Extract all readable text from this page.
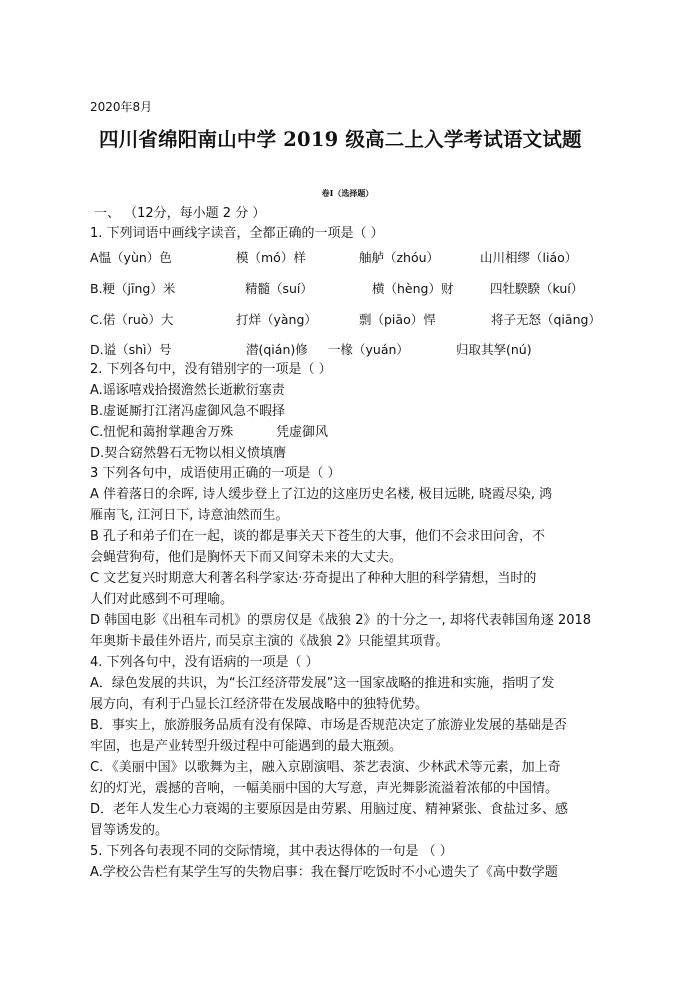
2020年8月
四川省绵阳南山中学 2019 级高二上入学考试语文试题
卷Ⅰ（选择题）
一、 （12分，每小题 2 分 ）
1. 下列词语中画线字读音，全都正确的一项是（ ）
A愠（yùn）色	模（mó）样	舳舻（zhóu）	山川相缪（liáo）
B.粳（jīng）米	精髓（suí）	横（hèng）财	四牡騤騤（kuí）
C.偌（ruò）大	打烊（yàng）	剽（piāo）悍	将子无怒（qiāng）
D.谥（shì）号	潜(qián)修 一椽（yuán）	归取其孥(nú)
2. 下列各句中，没有错别字的一项是（ ）
A.谣诼嘻戏拾掇澹然长逝歉衍塞责
B.虚诞厮打江渚冯虚御风急不暇择
C.忸怩和蔼拊掌趣舍万殊	凭虚御风
D.契合窈然磐石无物以相义愤填膺
3 下列各句中，成语使用正确的一项是（ ）
A 伴着落日的余晖, 诗人缓步登上了江边的这座历史名楼, 极目远眺, 晓霞尽染, 鸿
雁南飞, 江河日下, 诗意油然而生。
B 孔子和弟子们在一起，谈的都是事关天下苍生的大事，他们不会求田问舍，不
会蝇营狗苟，他们是胸怀天下而又间穿未来的大丈夫。
C 文艺复兴时期意大利著名科学家达·芬奇提出了种种大胆的科学猜想，当时的
人们对此感到不可理喻。
D 韩国电影《出租车司机》的票房仅是《战狼 2》的十分之一, 却将代表韩国角逐 2018
年奥斯卡最佳外语片, 而吴京主演的《战狼 2》只能望其项背。
4. 下列各句中，没有语病的一项是（ ）
A．绿色发展的共识，为“长江经济带发展”这一国家战略的推进和实施，指明了发
展方向，有利于凸显长江经济带在发展战略中的独特优势。
B．事实上，旅游服务品质有没有保障、市场是否规范决定了旅游业发展的基础是否
牢固，也是产业转型升级过程中可能遇到的最大瓶颈。
C．《美丽中国》以歌舞为主，融入京剧演唱、茶艺表演、少林武术等元素，加上奇
幻的灯光，震撼的音响，一幅美丽中国的大写意，声光舞影流溢着浓郁的中国情。
D．老年人发生心力衰竭的主要原因是由劳累、用脑过度、精神紧张、食盐过多、感
冒等诱发的。
5. 下列各句表现不同的交际情境，其中表达得体的一句是 （ ）
A.学校公告栏有某学生写的失物启事：我在餐厅吃饭时不小心遗失了《高中数学题
